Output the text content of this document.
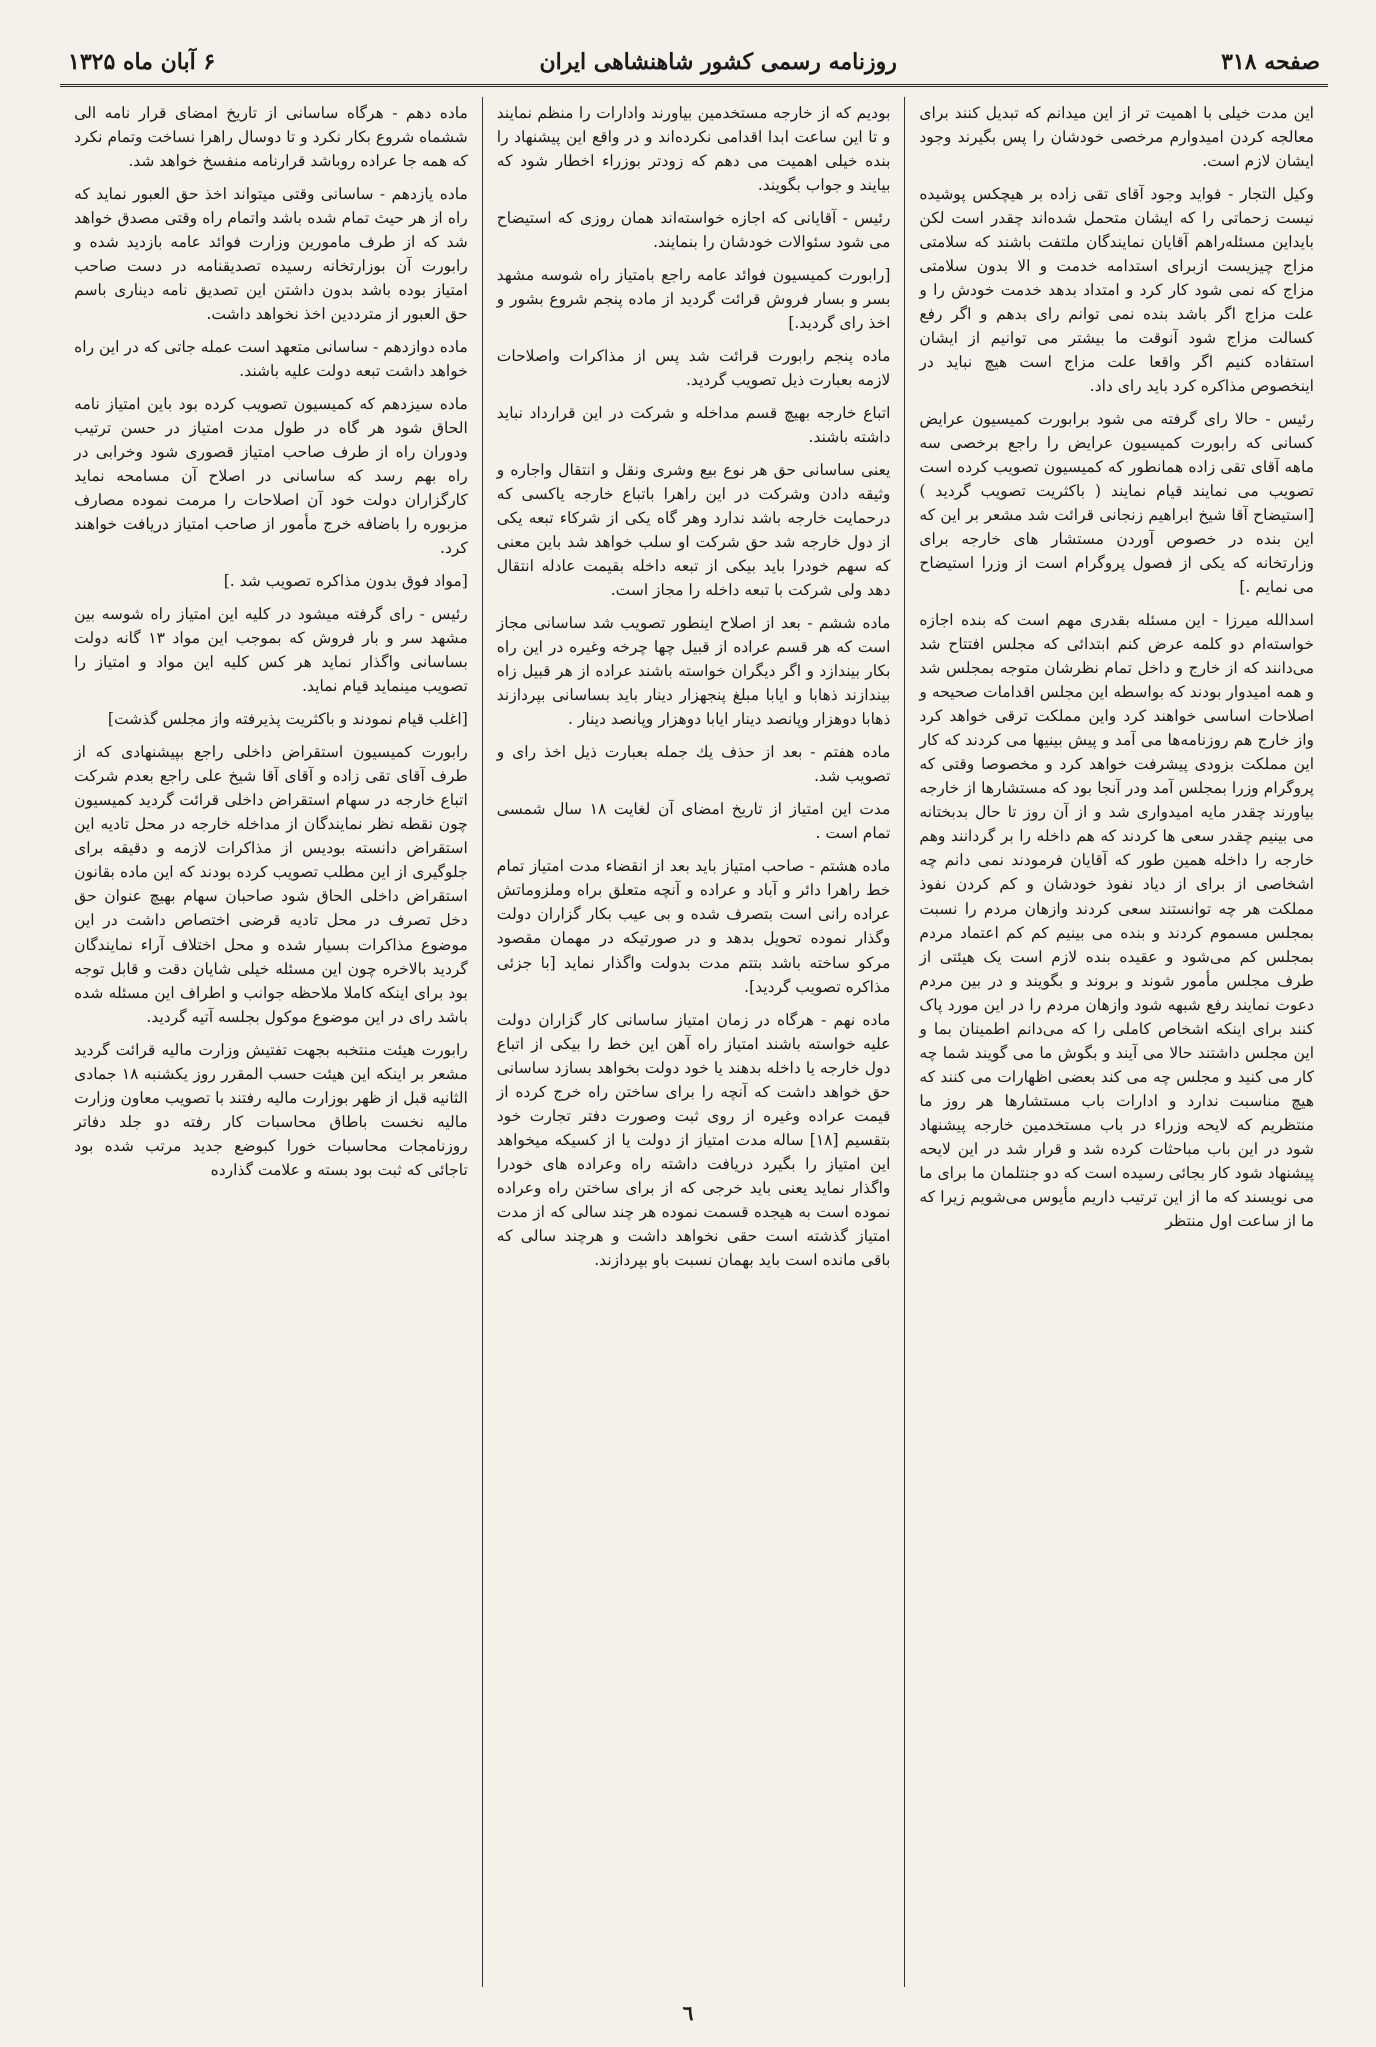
صفحه ۳۱۸
روزنامه رسمی کشور شاهنشاهی ایران
۶ آبان ماه ۱۳۲۵

این مدت خیلی با اهمیت تر از این میدانم که تبدیل کنند برای معالجه کردن امیدوارم مرخصی خودشان را پس بگیرند وجود ایشان لازم است.

وکیل التجار - فواید وجود آقای تقی زاده بر هیچکس پوشیده نیست زحماتی را که ایشان متحمل شده‌اند چقدر است لکن بایداین مسئله‌راهم آقایان نمایندگان ملتفت باشند که سلامتی مزاج چیزیست ازبرای استدامه خدمت و الا بدون سلامتی مزاج که نمی شود کار کرد و امتداد بدهد خدمت خودش را و علت مزاج اگر باشد بنده نمی توانم رای بدهم و اگر رفع کسالت مزاج شود آنوقت ما بیشتر می توانیم از ایشان استفاده کنیم اگر واقعا علت مزاج است هیچ نباید در اینخصوص مذاکره کرد باید رای داد.

رئیس - حالا رای گرفته می شود برابورت کمیسیون عرایض کسانی که رابورت کمیسیون عرایض را راجع برخصی سه ماهه آقای تقی زاده همانطور که کمیسیون تصویب کرده است تصویب می نمایند قیام نمایند ( باکثریت تصویب گردید ) [استیضاح آقا شیخ ابراهیم زنجانی قرائت شد مشعر بر این که این بنده در خصوص آوردن مستشار های خارجه برای وزارتخانه که یکی از فصول پروگرام است از وزرا استیضاح می نمایم .]

اسدالله میرزا - این مسئله بقدری مهم است که بنده اجازه خواسته‌ام دو کلمه عرض کنم ابتدائی که مجلس افتتاح شد می‌دانند که از خارج و داخل تمام نظرشان متوجه بمجلس شد و همه امیدوار بودند که بواسطه این مجلس اقدامات صحیحه و اصلاحات اساسی خواهند کرد واین مملکت ترقی خواهد کرد واز خارج هم روزنامه‌ها می آمد و پیش بینیها می کردند که کار این مملکت بزودی پیشرفت خواهد کرد و مخصوصا وقتی که پروگرام وزرا بمجلس آمد ودر آنجا بود که مستشارها از خارجه بیاورند چقدر مایه امیدواری شد و از آن روز تا حال بدبختانه می بینیم چقدر سعی ها کردند که هم داخله را بر گردانند وهم خارجه را داخله همین طور که آقایان فرمودند نمی دانم چه اشخاصی از برای از دیاد نفوذ خودشان و کم کردن نفوذ مملکت هر چه توانستند سعی کردند وازهان مردم را نسبت بمجلس مسموم کردند و بنده می بینیم کم کم اعتماد مردم بمجلس کم می‌شود و عقیده بنده لازم است یک هیئتی از طرف مجلس مأمور شوند و بروند و بگویند و در بین مردم دعوت نمایند رفع شبهه شود وازهان مردم را در این مورد پاک کنند برای اینکه اشخاص کاملی را که می‌دانم اطمینان بما و این مجلس داشتند حالا می آیند و بگوش ما می گویند شما چه کار می کنید و مجلس چه می کند بعضی اظهارات می کنند که هیچ مناسبت ندارد و ادارات باب مستشارها هر روز ما منتظریم که لایحه وزراء در باب مستخدمین خارجه پیشنهاد شود در این باب مباحثات کرده شد و قرار شد در این لایحه پیشنهاد شود کار بجائی رسیده است که دو جنتلمان ما برای ما می نویسند که ما از این ترتیب داریم مأیوس می‌شویم زیرا که ما از ساعت اول منتظر

بودیم که از خارجه مستخدمین بیاورند وادارات را منظم نمایند و تا این ساعت ابدا اقدامی نکرده‌اند و در واقع این پیشنهاد را بنده خیلی اهمیت می دهم که زودتر بوزراء اخطار شود که بیایند و جواب بگویند.

رئیس - آقایانی که اجازه خواسته‌اند همان روزی که استیضاح می شود سئوالات خودشان را بنمایند.

[رابورت کمیسیون فوائد عامه راجع بامتیاز راه شوسه مشهد بسر و بسار فروش قرائت گردید از ماده پنجم شروع بشور و اخذ رای گردید.]

ماده پنجم رابورت قرائت شد پس از مذاکرات واصلاحات لازمه بعبارت ذیل تصویب گردید.

اتباع خارجه بهیچ قسم مداخله و شرکت در این قرارداد نباید داشته باشند.

یعنی ساسانی حق هر نوع بیع وشری ونقل و انتقال واجاره و وثیقه دادن وشرکت در این راهرا باتباع خارجه یاکسی که درحمایت خارجه باشد ندارد وهر گاه یکی از شرکاء تبعه یکی از دول خارجه شد حق شرکت او سلب خواهد شد باین معنی که سهم خودرا باید بیکی از تبعه داخله بقیمت عادله انتقال دهد ولی شرکت با تبعه داخله را مجاز است.

ماده ششم - بعد از اصلاح اینطور تصویب شد ساسانی مجاز است که هر قسم عراده از قبیل چها چرخه وغیره در این راه بکار بیندازد و اگر دیگران خواسته باشند عراده از هر قبیل زاه بیندازند ذهابا و ایابا مبلغ پنجهزار دینار باید بساسانی بپردازند ذهابا دوهزار وپانصد دینار ایابا دوهزار وپانصد دینار .

ماده هفتم - بعد از حذف یك جمله بعبارت ذیل اخذ رای و تصویب شد.

مدت این امتیاز از تاریخ امضای آن لغایت ۱۸ سال شمسی تمام است .

ماده هشتم - صاحب امتیاز باید بعد از انقضاء مدت امتیاز تمام خط راهرا دائر و آباد و عراده و آنچه متعلق براه وملزوماتش عراده رانی است بتصرف شده و بی عیب بکار گزاران دولت وگذار نموده تحویل بدهد و در صورتیکه در مهمان مقصود مرکو ساخته باشد بتتم مدت بدولت واگذار نماید [با جزئی مذاکره تصویب گردید].

ماده نهم - هرگاه در زمان امتیاز ساسانی کار گزاران دولت علیه خواسته باشند امتیاز راه آهن این خط را بیکی از اتباع دول خارجه یا داخله بدهند یا خود دولت بخواهد بسازد ساسانی حق خواهد داشت که آنچه را برای ساختن راه خرج کرده از قیمت عراده وغیره از روی ثبت وصورت دفتر تجارت خود بتقسیم [۱۸] ساله مدت امتیاز از دولت یا از کسیکه میخواهد این امتیاز را بگیرد دریافت داشته راه وعراده های خودرا واگذار نماید یعنی باید خرجی که از برای ساختن راه وعراده نموده است به هیجده قسمت نموده هر چند سالی که از مدت امتیاز گذشته است حقی نخواهد داشت و هرچند سالی که باقی مانده است باید بهمان نسبت باو بپردازند.

ماده دهم - هرگاه ساسانی از تاریخ امضای قرار نامه الی ششماه شروع بکار نکرد و تا دوسال راهرا نساخت وتمام نکرد که همه جا عراده روباشد قرارنامه منفسخ خواهد شد.

ماده یازدهم - ساسانی وقتی میتواند اخذ حق العبور نماید که راه از هر حیث تمام شده باشد واتمام راه وقتی مصدق خواهد شد که از طرف مامورین وزارت فوائد عامه بازدید شده و رابورت آن بوزارتخانه رسیده تصدیقنامه در دست صاحب امتیاز بوده باشد بدون داشتن این تصدیق نامه دیناری باسم حق العبور از مترددین اخذ نخواهد داشت.

ماده دوازدهم - ساسانی متعهد است عمله جاتی که در این راه خواهد داشت تبعه دولت علیه باشند.

ماده سیزدهم که کمیسیون تصویب کرده بود باین امتیاز نامه الحاق شود هر گاه در طول مدت امتیاز در حسن ترتیب ودوران راه از طرف صاحب امتیاز قصوری شود وخرابی در راه بهم رسد که ساسانی در اصلاح آن مسامحه نماید کارگزاران دولت خود آن اصلاحات را مرمت نموده مصارف مزبوره را باضافه خرج مأمور از صاحب امتیاز دریافت خواهند کرد.

[مواد فوق بدون مذاکره تصویب شد .]

رئیس - رای گرفته میشود در کلیه این امتیاز راه شوسه بین مشهد سر و بار فروش که بموجب این مواد ۱۳ گانه دولت بساسانی واگذار نماید هر کس کلیه این مواد و امتیاز را تصویب مینماید قیام نماید.

[اغلب قیام نمودند و باکثریت پذیرفته واز مجلس گذشت]

رابورت کمیسیون استقراض داخلی راجع بپیشنهادی که از طرف آقای تقی زاده و آقای آقا شیخ علی راجع بعدم شرکت اتباع خارجه در سهام استقراض داخلی قرائت گردید کمیسیون چون نقطه نظر نمایندگان از مداخله خارجه در محل تادیه این استقراض دانسته بودیس از مذاکرات لازمه و دقیقه برای جلوگیری از این مطلب تصویب کرده بودند که این ماده بقانون استقراض داخلی الحاق شود صاحبان سهام بهیچ عنوان حق دخل تصرف در محل تادیه قرضی اختصاص داشت در این موضوع مذاکرات بسیار شده و محل اختلاف آراء نمایندگان گردید بالاخره چون این مسئله خیلی شایان دقت و قابل توجه بود برای اینکه کاملا ملاحظه جوانب و اطراف این مسئله شده باشد رای در این موضوع موکول بجلسه آتیه گردید.

رابورت هیئت منتخبه بجهت تفتیش وزارت مالیه قرائت گردید مشعر بر اینکه این هیئت حسب المقرر روز یکشنبه ۱۸ جمادی الثانیه قبل از ظهر بوزارت مالیه رفتند با تصویب معاون وزارت مالیه نخست باطاق محاسبات کار رفته دو جلد دفاتر روزنامجات محاسبات خورا کبوضع جدید مرتب شده بود تاجائی که ثبت بود بسته و علامت گذارده

٦
